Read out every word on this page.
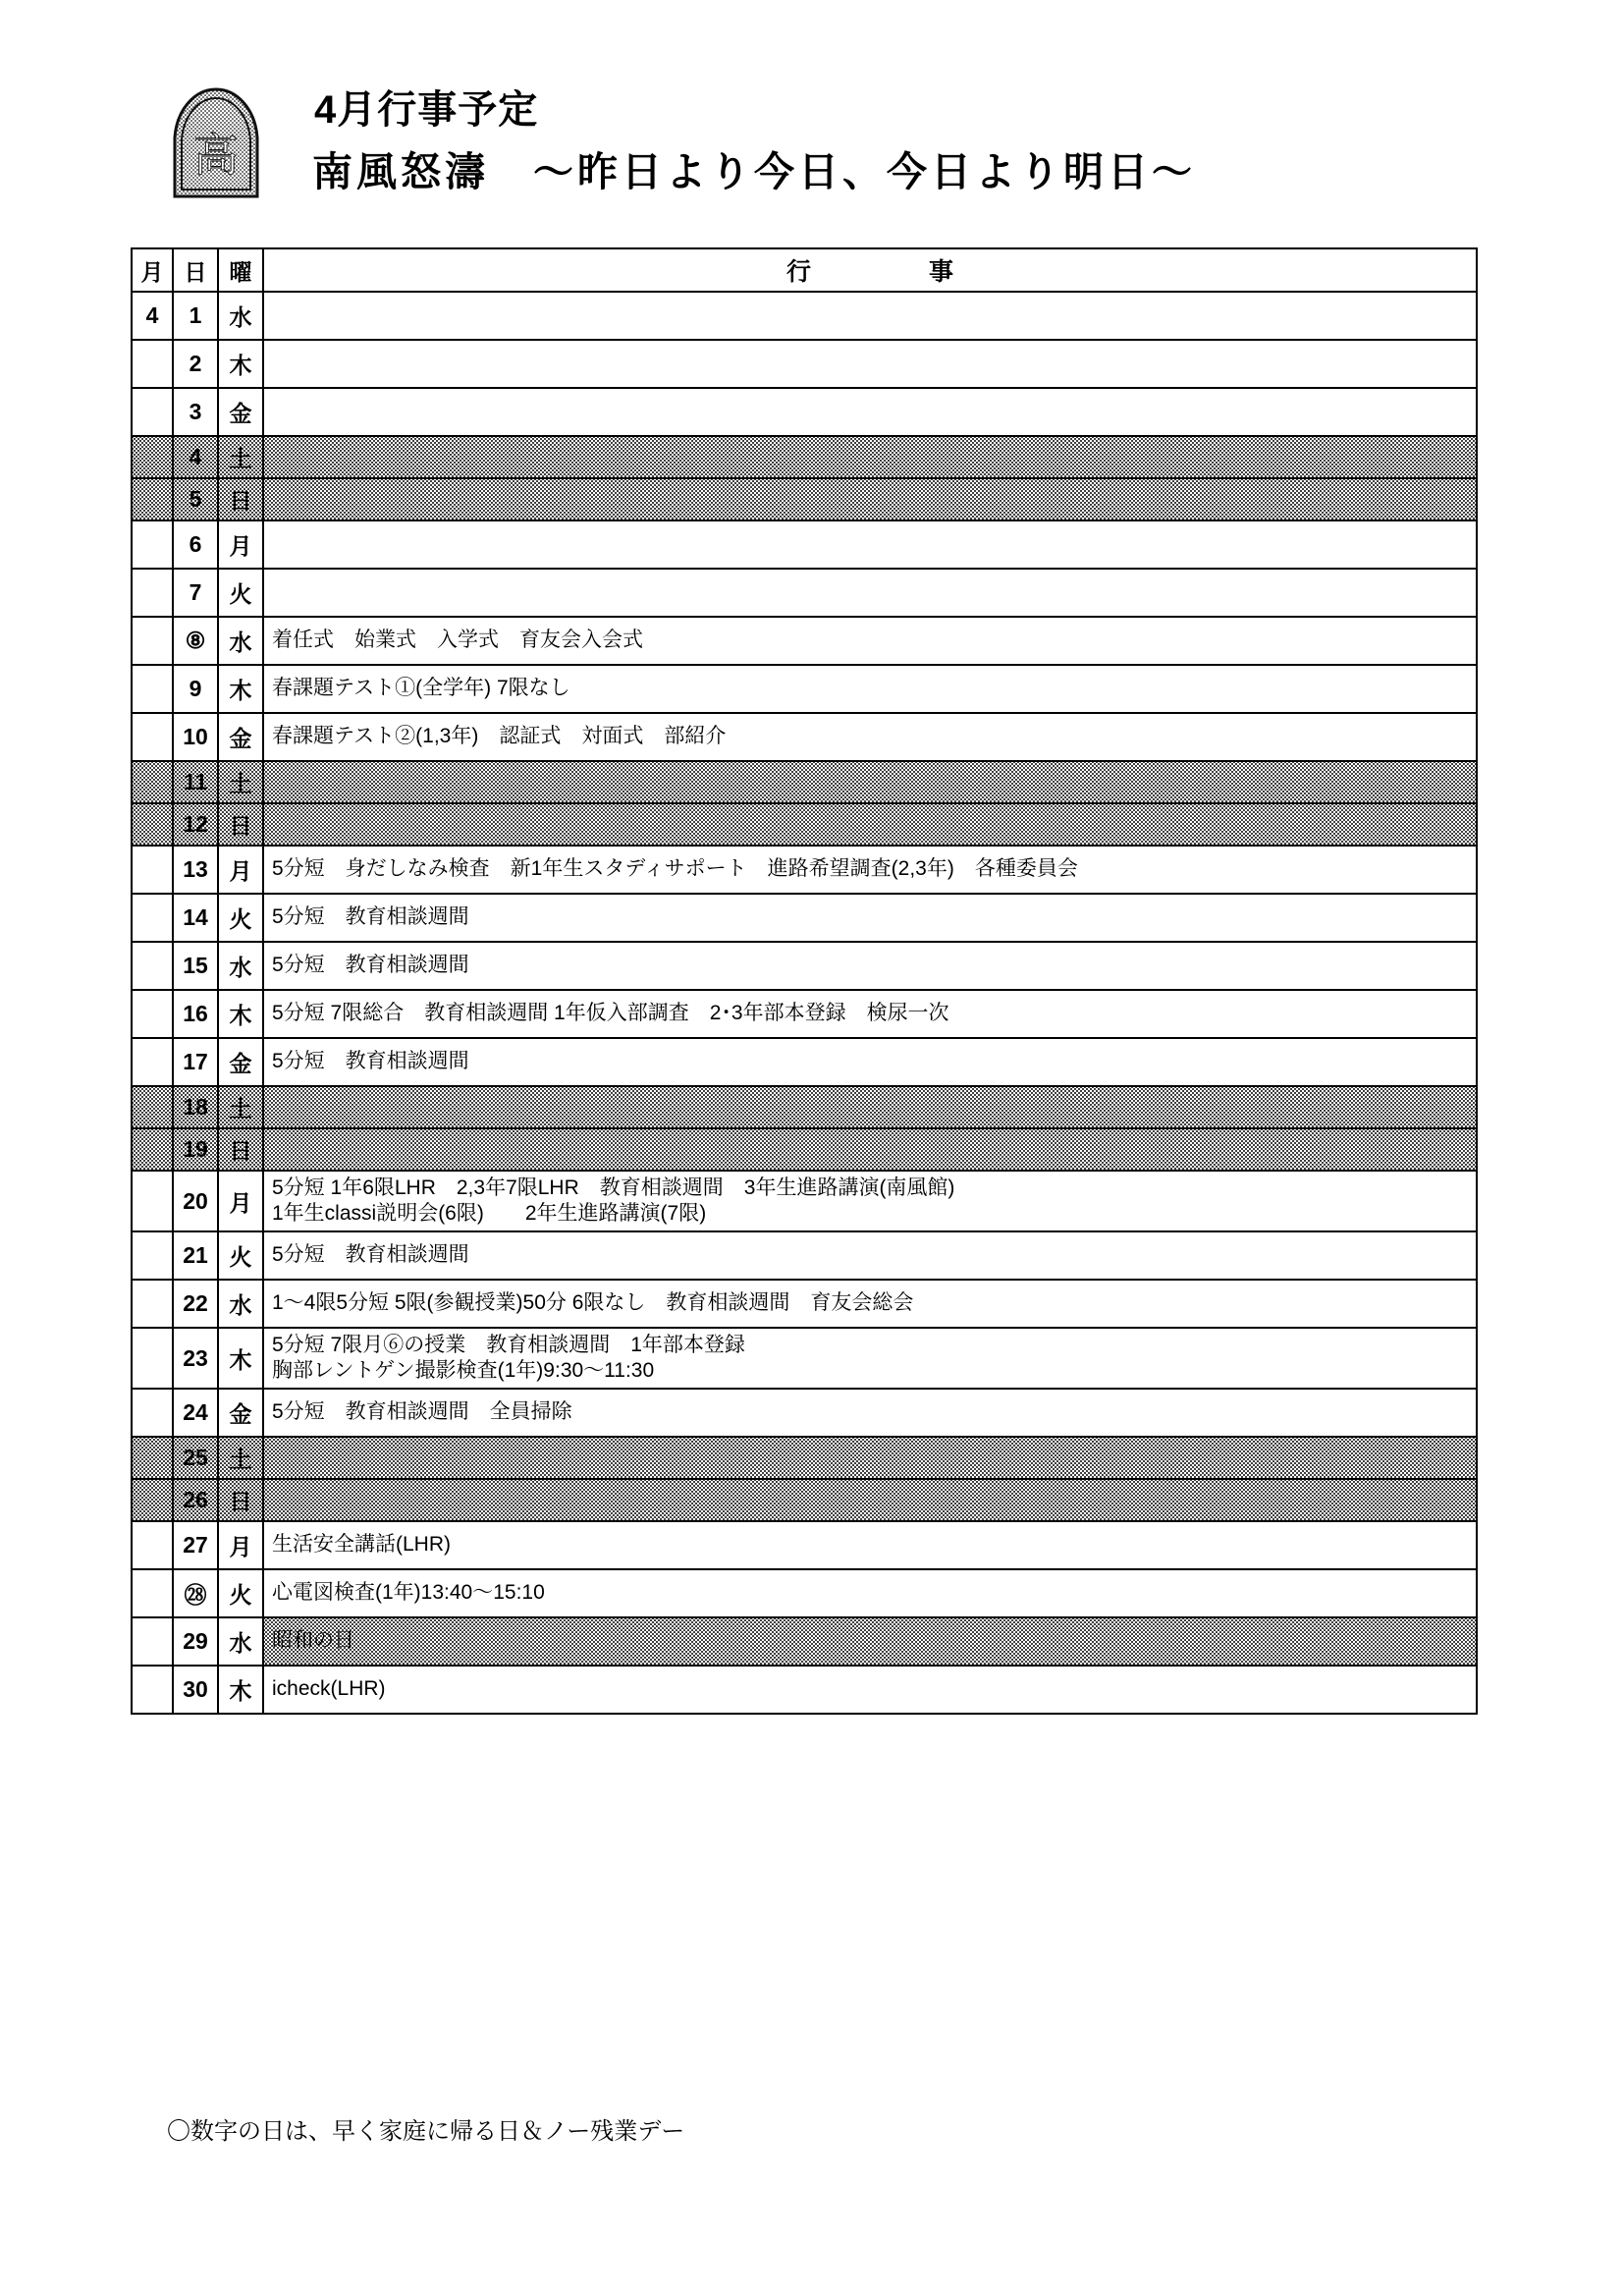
高
4月行事予定
南風怒濤　〜昨日より今日、今日より明日〜
月	日	曜	行 事
4	1	水	

	2	木	

	3	金	

	4	土	

	5	日	

	6	月	

	7	火	

	⑧	水	着任式　始業式　入学式　育友会入会式

	9	木	春課題テスト①(全学年) 7限なし

	10	金	春課題テスト②(1,3年)　認証式　対面式　部紹介

	11	土	

	12	日	

	13	月	5分短　身だしなみ検査　新1年生スタディサポート　進路希望調査(2,3年)　各種委員会

	14	火	5分短　教育相談週間

	15	水	5分短　教育相談週間

	16	木	5分短 7限総合　教育相談週間 1年仮入部調査　2･3年部本登録　検尿一次

	17	金	5分短　教育相談週間

	18	土	

	19	日	

	20	月	5分短 1年6限LHR　2,3年7限LHR　教育相談週間　3年生進路講演(南風館)
1年生classi説明会(6限)　　2年生進路講演(7限)

	21	火	5分短　教育相談週間

	22	水	1〜4限5分短 5限(参観授業)50分 6限なし　教育相談週間　育友会総会

	23	木	5分短 7限月⑥の授業　教育相談週間　1年部本登録
胸部レントゲン撮影検査(1年)9:30〜11:30

	24	金	5分短　教育相談週間　全員掃除

	25	土	

	26	日	

	27	月	生活安全講話(LHR)

	㉘	火	心電図検査(1年)13:40〜15:10

	29	水	昭和の日

	30	木	icheck(LHR)
〇数字の日は、早く家庭に帰る日＆ノー残業デー
